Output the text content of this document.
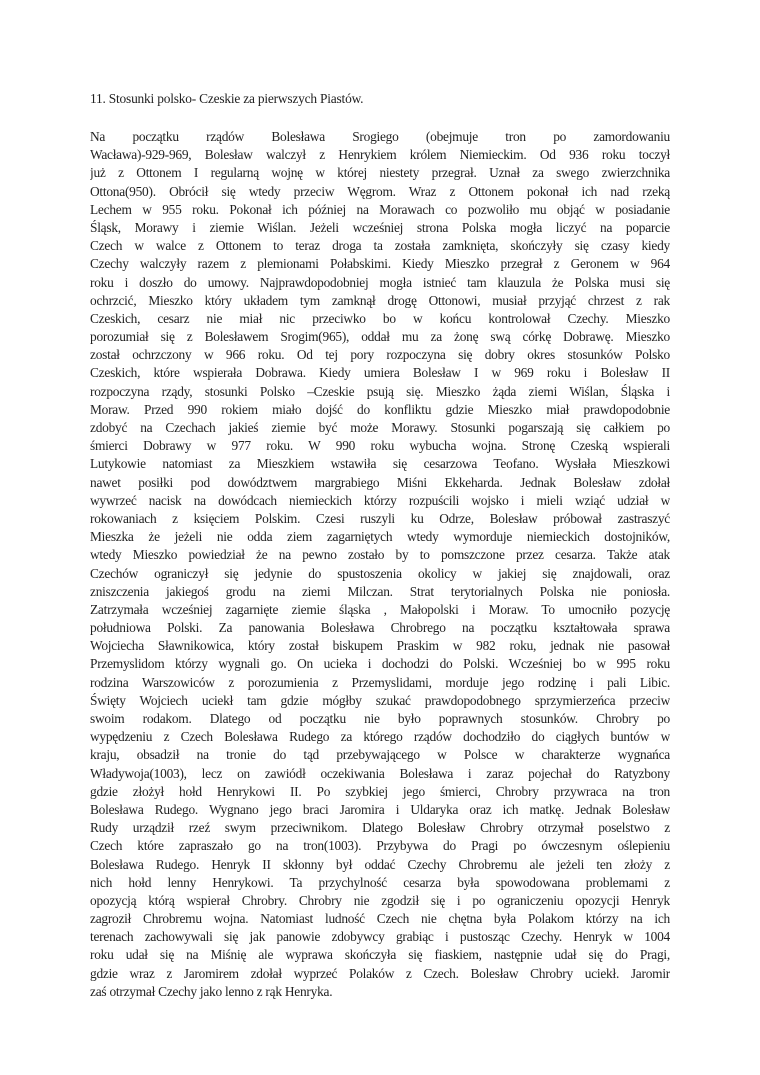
11. Stosunki polsko- Czeskie za pierwszych Piastów.
Na początku rządów Bolesława Srogiego (obejmuje tron po zamordowaniu
Wacława)-929-969, Bolesław walczył z Henrykiem królem Niemieckim. Od 936 roku toczył
już z Ottonem I regularną wojnę w której niestety przegrał. Uznał za swego zwierzchnika
Ottona(950). Obrócił się wtedy przeciw Węgrom. Wraz z Ottonem pokonał ich nad rzeką
Lechem w 955 roku. Pokonał ich później na Morawach co pozwoliło mu objąć w posiadanie
Śląsk, Morawy i ziemie Wiślan. Jeżeli wcześniej strona Polska mogła liczyć na poparcie
Czech w walce z Ottonem to teraz droga ta została zamknięta, skończyły się czasy kiedy
Czechy walczyły razem z plemionami Połabskimi. Kiedy Mieszko przegrał z Geronem w 964
roku i doszło do umowy. Najprawdopodobniej mogła istnieć tam klauzula że Polska musi się
ochrzcić, Mieszko który układem tym zamknął drogę Ottonowi, musiał przyjąć chrzest z rak
Czeskich, cesarz nie miał nic przeciwko bo w końcu kontrolował Czechy. Mieszko
porozumiał się z Bolesławem Srogim(965), oddał mu za żonę swą córkę Dobrawę. Mieszko
został ochrzczony w 966 roku. Od tej pory rozpoczyna się dobry okres stosunków Polsko
Czeskich, które wspierała Dobrawa. Kiedy umiera Bolesław I w 969 roku i Bolesław II
rozpoczyna rządy, stosunki Polsko –Czeskie psują się. Mieszko żąda ziemi Wiślan, Śląska i
Moraw. Przed 990 rokiem miało dojść do konfliktu gdzie Mieszko miał prawdopodobnie
zdobyć na Czechach jakieś ziemie być może Morawy. Stosunki pogarszają się całkiem po
śmierci Dobrawy w 977 roku. W 990 roku wybucha wojna. Stronę Czeską wspierali
Lutykowie natomiast za Mieszkiem wstawiła się cesarzowa Teofano. Wysłała Mieszkowi
nawet posiłki pod dowództwem margrabiego Miśni Ekkeharda. Jednak Bolesław zdołał
wywrzeć nacisk na dowódcach niemieckich którzy rozpuścili wojsko i mieli wziąć udział w
rokowaniach z księciem Polskim. Czesi ruszyli ku Odrze, Bolesław próbował zastraszyć
Mieszka że jeżeli nie odda ziem zagarniętych wtedy wymorduje niemieckich dostojników,
wtedy Mieszko powiedział że na pewno zostało by to pomszczone przez cesarza. Także atak
Czechów ograniczył się jedynie do spustoszenia okolicy w jakiej się znajdowali, oraz
zniszczenia jakiegoś grodu na ziemi Milczan. Strat terytorialnych Polska nie poniosła.
Zatrzymała wcześniej zagarnięte ziemie śląska , Małopolski i Moraw. To umocniło pozycję
południowa Polski. Za panowania Bolesława Chrobrego na początku kształtowała sprawa
Wojciecha Sławnikowica, który został biskupem Praskim w 982 roku, jednak nie pasował
Przemyslidom którzy wygnali go. On ucieka i dochodzi do Polski. Wcześniej bo w 995 roku
rodzina Warszowiców z porozumienia z Przemyslidami, morduje jego rodzinę i pali Libic.
Święty Wojciech uciekł tam gdzie mógłby szukać prawdopodobnego sprzymierzeńca przeciw
swoim rodakom. Dlatego od początku nie było poprawnych stosunków. Chrobry po
wypędzeniu z Czech Bolesława Rudego za którego rządów dochodziło do ciągłych buntów w
kraju, obsadził na tronie do tąd przebywającego w Polsce w charakterze wygnańca
Władywoja(1003), lecz on zawiódł oczekiwania Bolesława i zaraz pojechał do Ratyzbony
gdzie złożył hołd Henrykowi II. Po szybkiej jego śmierci, Chrobry przywraca na tron
Bolesława Rudego. Wygnano jego braci Jaromira i Uldaryka oraz ich matkę. Jednak Bolesław
Rudy urządził rzeź swym przeciwnikom. Dlatego Bolesław Chrobry otrzymał poselstwo z
Czech które zapraszało go na tron(1003). Przybywa do Pragi po ówczesnym oślepieniu
Bolesława Rudego. Henryk II skłonny był oddać Czechy Chrobremu ale jeżeli ten złoży z
nich hołd lenny Henrykowi. Ta przychylność cesarza była spowodowana problemami z
opozycją którą wspierał Chrobry. Chrobry nie zgodził się i po ograniczeniu opozycji Henryk
zagroził Chrobremu wojna. Natomiast ludność Czech nie chętna była Polakom którzy na ich
terenach zachowywali się jak panowie zdobywcy grabiąc i pustosząc Czechy. Henryk w 1004
roku udał się na Miśnię ale wyprawa skończyła się fiaskiem, następnie udał się do Pragi,
gdzie wraz z Jaromirem zdołał wyprzeć Polaków z Czech. Bolesław Chrobry uciekł. Jaromir
zaś otrzymał Czechy jako lenno z rąk Henryka.
